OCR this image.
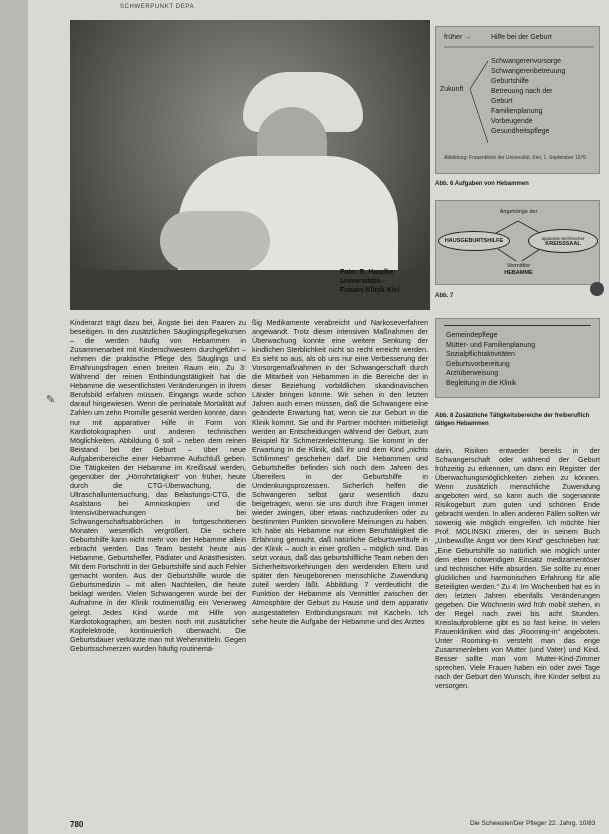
SCHWERPUNKT DEPA
Foto: R. Handke
Universitäts-
Frauen-Klinik Kiel
früher →	Hilfe bei der Geburt
Zukunft
Schwangerenvorsorge
Schwangerenbetreuung
Geburtshilfe
Betreuung nach der
Geburt
Familienplanung
Vorbeugende
Gesundheitspflege
Abbildung: Frauenklinik der Universität, Kiel, 1. September 1976
Abb. 6 Aufgaben von Hebammen
Angehörige der
HAUSGEBURTSHILFE	apparativ-technischer
KREISSSAAL
Vermittler
HEBAMME
Abb. 7
Gemeindepflege
Mütter- und Familienplanung
Sozialpflichtaktivitäten
Geburtsvorbereitung
Arztüberweisung
Begleitung in die Klinik
Abb. 8 Zusätzliche Tätigkeitsbereiche der freiberuflich tätigen Hebammen
✎

Kinderarzt trägt dazu bei, Ängste bei den Paaren zu beseitigen. In den zusätzlichen Säuglingspflegekursen – die werden häufig von Hebammen in Zusammenarbeit mit Kinderschwestern durchgeführt – nehmen die praktische Pflege des Säuglings und Ernährungsfragen einen breiten Raum ein. Zu 3: Während der reinen Entbindungstätigkeit hat die Hebamme die wesentlichsten Veränderungen in ihrem Berufsbild erfahren müssen. Eingangs wurde schon darauf hingewiesen. Wenn die perinatale Mortalität auf Zahlen um zehn Promille gesenkt werden konnte, dann nur mit apparativer Hilfe in Form von Kardiotokographen und anderen technischen Möglichkeiten. Abbildung 6 soll – neben dem reinen Beistand bei der Geburt – über neue Aufgabenbereiche einer Hebamme Aufschluß geben. Die Tätigkeiten der Hebamme im Kreißsaal werden, gegenüber der „Hörrohrtätigkeit“ von früher, heute durch die CTG-Überwachung, die Ultraschalluntersuchung, das Belastungs-CTG, die Asalstans bei Amnioskopien und die Intensivüberwachungen bei Schwangerschaftsabbrüchen in fortgeschrittenen Monaten wesentlich vergrößert. Die sichere Geburtshilfe kann nicht mehr von der Hebamme allein erbracht werden. Das Team besteht heute aus Hebamme, Geburtshelfer, Pädiater und Anästhesisten. Mit dem Fortschritt in der Geburtshilfe sind auch Fehler gemacht worden. Aus der Geburtshilfe wurde die Geburtsmedizin – mit allen Nachteilen, die heute beklagt werden. Vielen Schwangeren wurde bei der Aufnahme in der Klinik routinemäßig ein Venenweg gelegt. Jedes Kind wurde mit Hilfe von Kardiotokographen, am besten noch mit zusätzlicher Kopfelektrode, kontinuierlich überwacht. Die Geburtsdauer verkürzte man mit Wehenmitteln. Gegen Geburtsschmerzen wurden häufig routinemä-

ßig Medikamente verabreicht und Narkoseverfahren angewandt. Trotz dieser intensiven Maßnahmen der Überwachung konnte eine weitere Senkung der kindlichen Sterblichkeit nicht so recht erreicht werden. Es sieht so aus, als ob uns nur eine Verbesserung der Vorsorgemaßnahmen in der Schwangerschaft durch die Mitarbeit von Hebammen in die Bereiche der in dieser Beziehung vorbildlichen skandinavischen Länder bringen könnte. Wir sehen in den letzten Jahren auch ernen müssen, daß die Schwangere eine geänderte Erwartung hat, wenn sie zur Geburt in die Klinik kommt. Sie und ihr Partner möchten mitbeteiligt werden an Entscheidungen während der Geburt, zum Beispiel für Schmerzerleichterung. Sie kommt in der Erwartung in die Klinik, daß ihr und dem Kind „nichts Schlimmes“ geschehen darf. Die Hebammen und Geburtshelfer befinden sich noch dem Jahren des Übereifers in der Geburtshilfe in Umdenkungsprozessen. Sicherlich helfen die Schwangeren selbst ganz wesentlich dazu beigetragen, wenn sie uns durch ihre Fragen immer wieder zwingen, über etwas nachzudenken oder zu bestimmten Punkten sinnvollere Meinungen zu haben. Ich habe als Hebamme nur einen Berufstätigkeit die Erfahrung gemacht, daß natürliche Geburtsverläufe in der Klinik – auch in einer großen – möglich sind. Das setzt voraus, daß das geburtshilfliche Team neben den Sicherheitsvorkehrungen den werdenden Eltern und später den Neugeborenen menschliche Zuwendung zuteil werden läßt. Abbildung 7 verdeutlicht die Funktion der Hebamme als Vermittler zwischen der Atmosphäre der Geburt zu Hause und dem apparativ ausgestatteten Entbindungsraum mit Kacheln. Ich sehe heute die Aufgabe der Hebamme und des Arztes

darin, Risiken entweder bereits in der Schwangerschaft oder während der Geburt frühzeitig zu erkennen, um dann ein Register der Überwachungsmöglichkeiten ziehen zu können. Wenn zusätzlich menschliche Zuwendung angeboten wird, so kann auch die sogenannte Risikogeburt zum guten und schönen Ende gebracht werden. In allen anderen Fällen sollten wir sowenig wie möglich eingreifen. Ich möchte hier Prof. MOLINSKI zitieren, der in seinem Buch „Unbewußte Angst vor dem Kind“ geschrieben hat: „Eine Geburtshilfe so natürlich wie möglich unter dem eben notwendigen Einsatz medizamentöser und technischer Hilfe absurden. Sie sollte zu einer glücklichen und harmonischen Erfahrung für alle Beteiligten werden.“ Zu 4: Im Wochenbett hat es in den letzten Jahren ebenfalls Veränderungen gegeben. Die Wöchnerin wird früh mobil stehen, in der Regel nach zwei bis acht Stunden. Kreislaufprobleme gibt es so fast keine. In vielen Frauenkliniken wird das „Rooming-in“ angeboten. Unter Rooming-in versteht man das enge Zusammenleben von Mutter (und Vater) und Kind. Besser sollte man vom Mutter-Kind-Zimmer sprechen. Viele Frauen haben ein oder zwei Tage nach der Geburt den Wunsch, ihre Kinder selbst zu versorgen.

780	Die Schwester/Der Pfleger 22. Jahrg. 10/83
